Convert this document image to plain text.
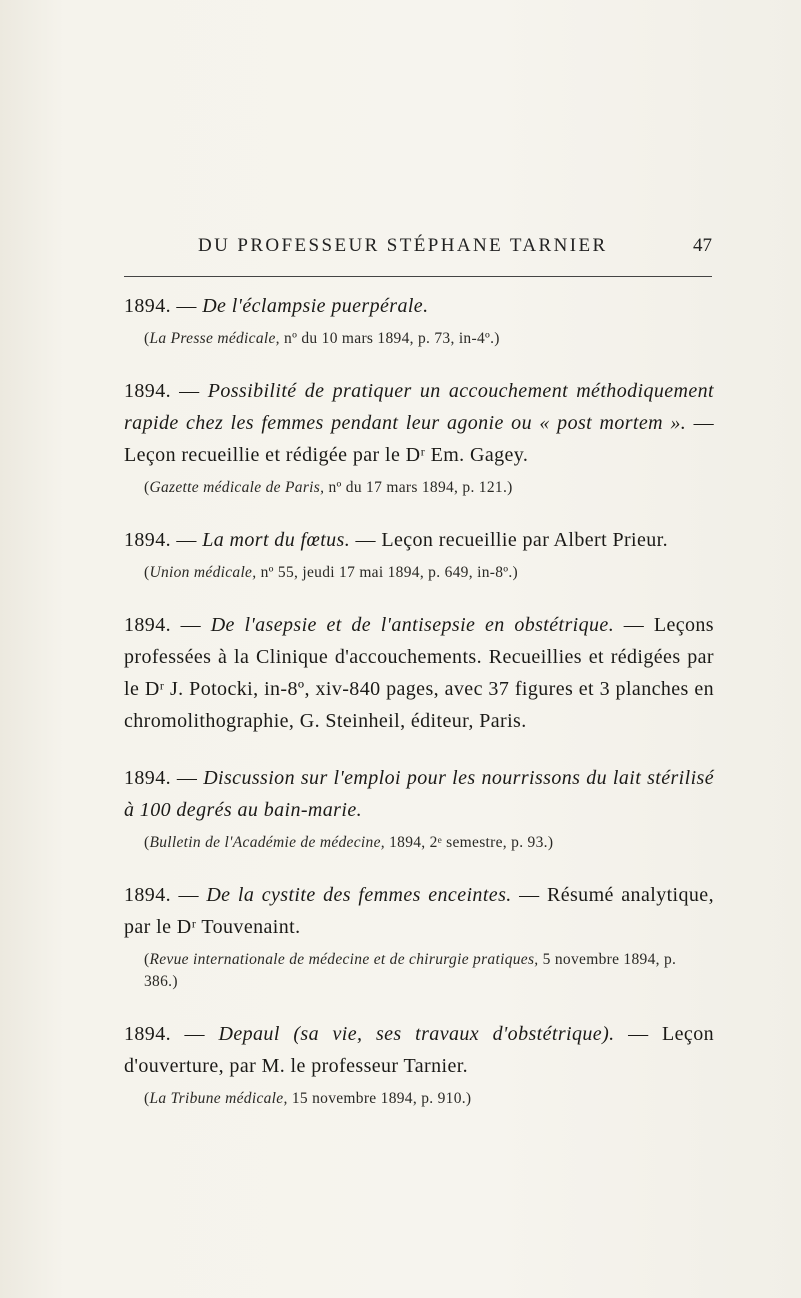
DU PROFESSEUR STÉPHANE TARNIER	47
1894. — De l'éclampsie puerpérale.
(La Presse médicale, nº du 10 mars 1894, p. 73, in-4º.)
1894. — Possibilité de pratiquer un accouchement méthodiquement rapide chez les femmes pendant leur agonie ou « post mortem ». — Leçon recueillie et rédigée par le Dʳ Em. Gagey.
(Gazette médicale de Paris, nº du 17 mars 1894, p. 121.)
1894. — La mort du fœtus. — Leçon recueillie par Albert Prieur.
(Union médicale, nº 55, jeudi 17 mai 1894, p. 649, in-8º.)
1894. — De l'asepsie et de l'antisepsie en obstétrique. — Leçons professées à la Clinique d'accouchements. Recueillies et rédigées par le Dʳ J. Potocki, in-8º, xiv-840 pages, avec 37 figures et 3 planches en chromolithographie, G. Steinheil, éditeur, Paris.
1894. — Discussion sur l'emploi pour les nourrissons du lait stérilisé à 100 degrés au bain-marie.
(Bulletin de l'Académie de médecine, 1894, 2ᵉ semestre, p. 93.)
1894. — De la cystite des femmes enceintes. — Résumé analytique, par le Dʳ Touvenaint.
(Revue internationale de médecine et de chirurgie pratiques, 5 novembre 1894, p. 386.)
1894. — Depaul (sa vie, ses travaux d'obstétrique). — Leçon d'ouverture, par M. le professeur Tarnier.
(La Tribune médicale, 15 novembre 1894, p. 910.)
